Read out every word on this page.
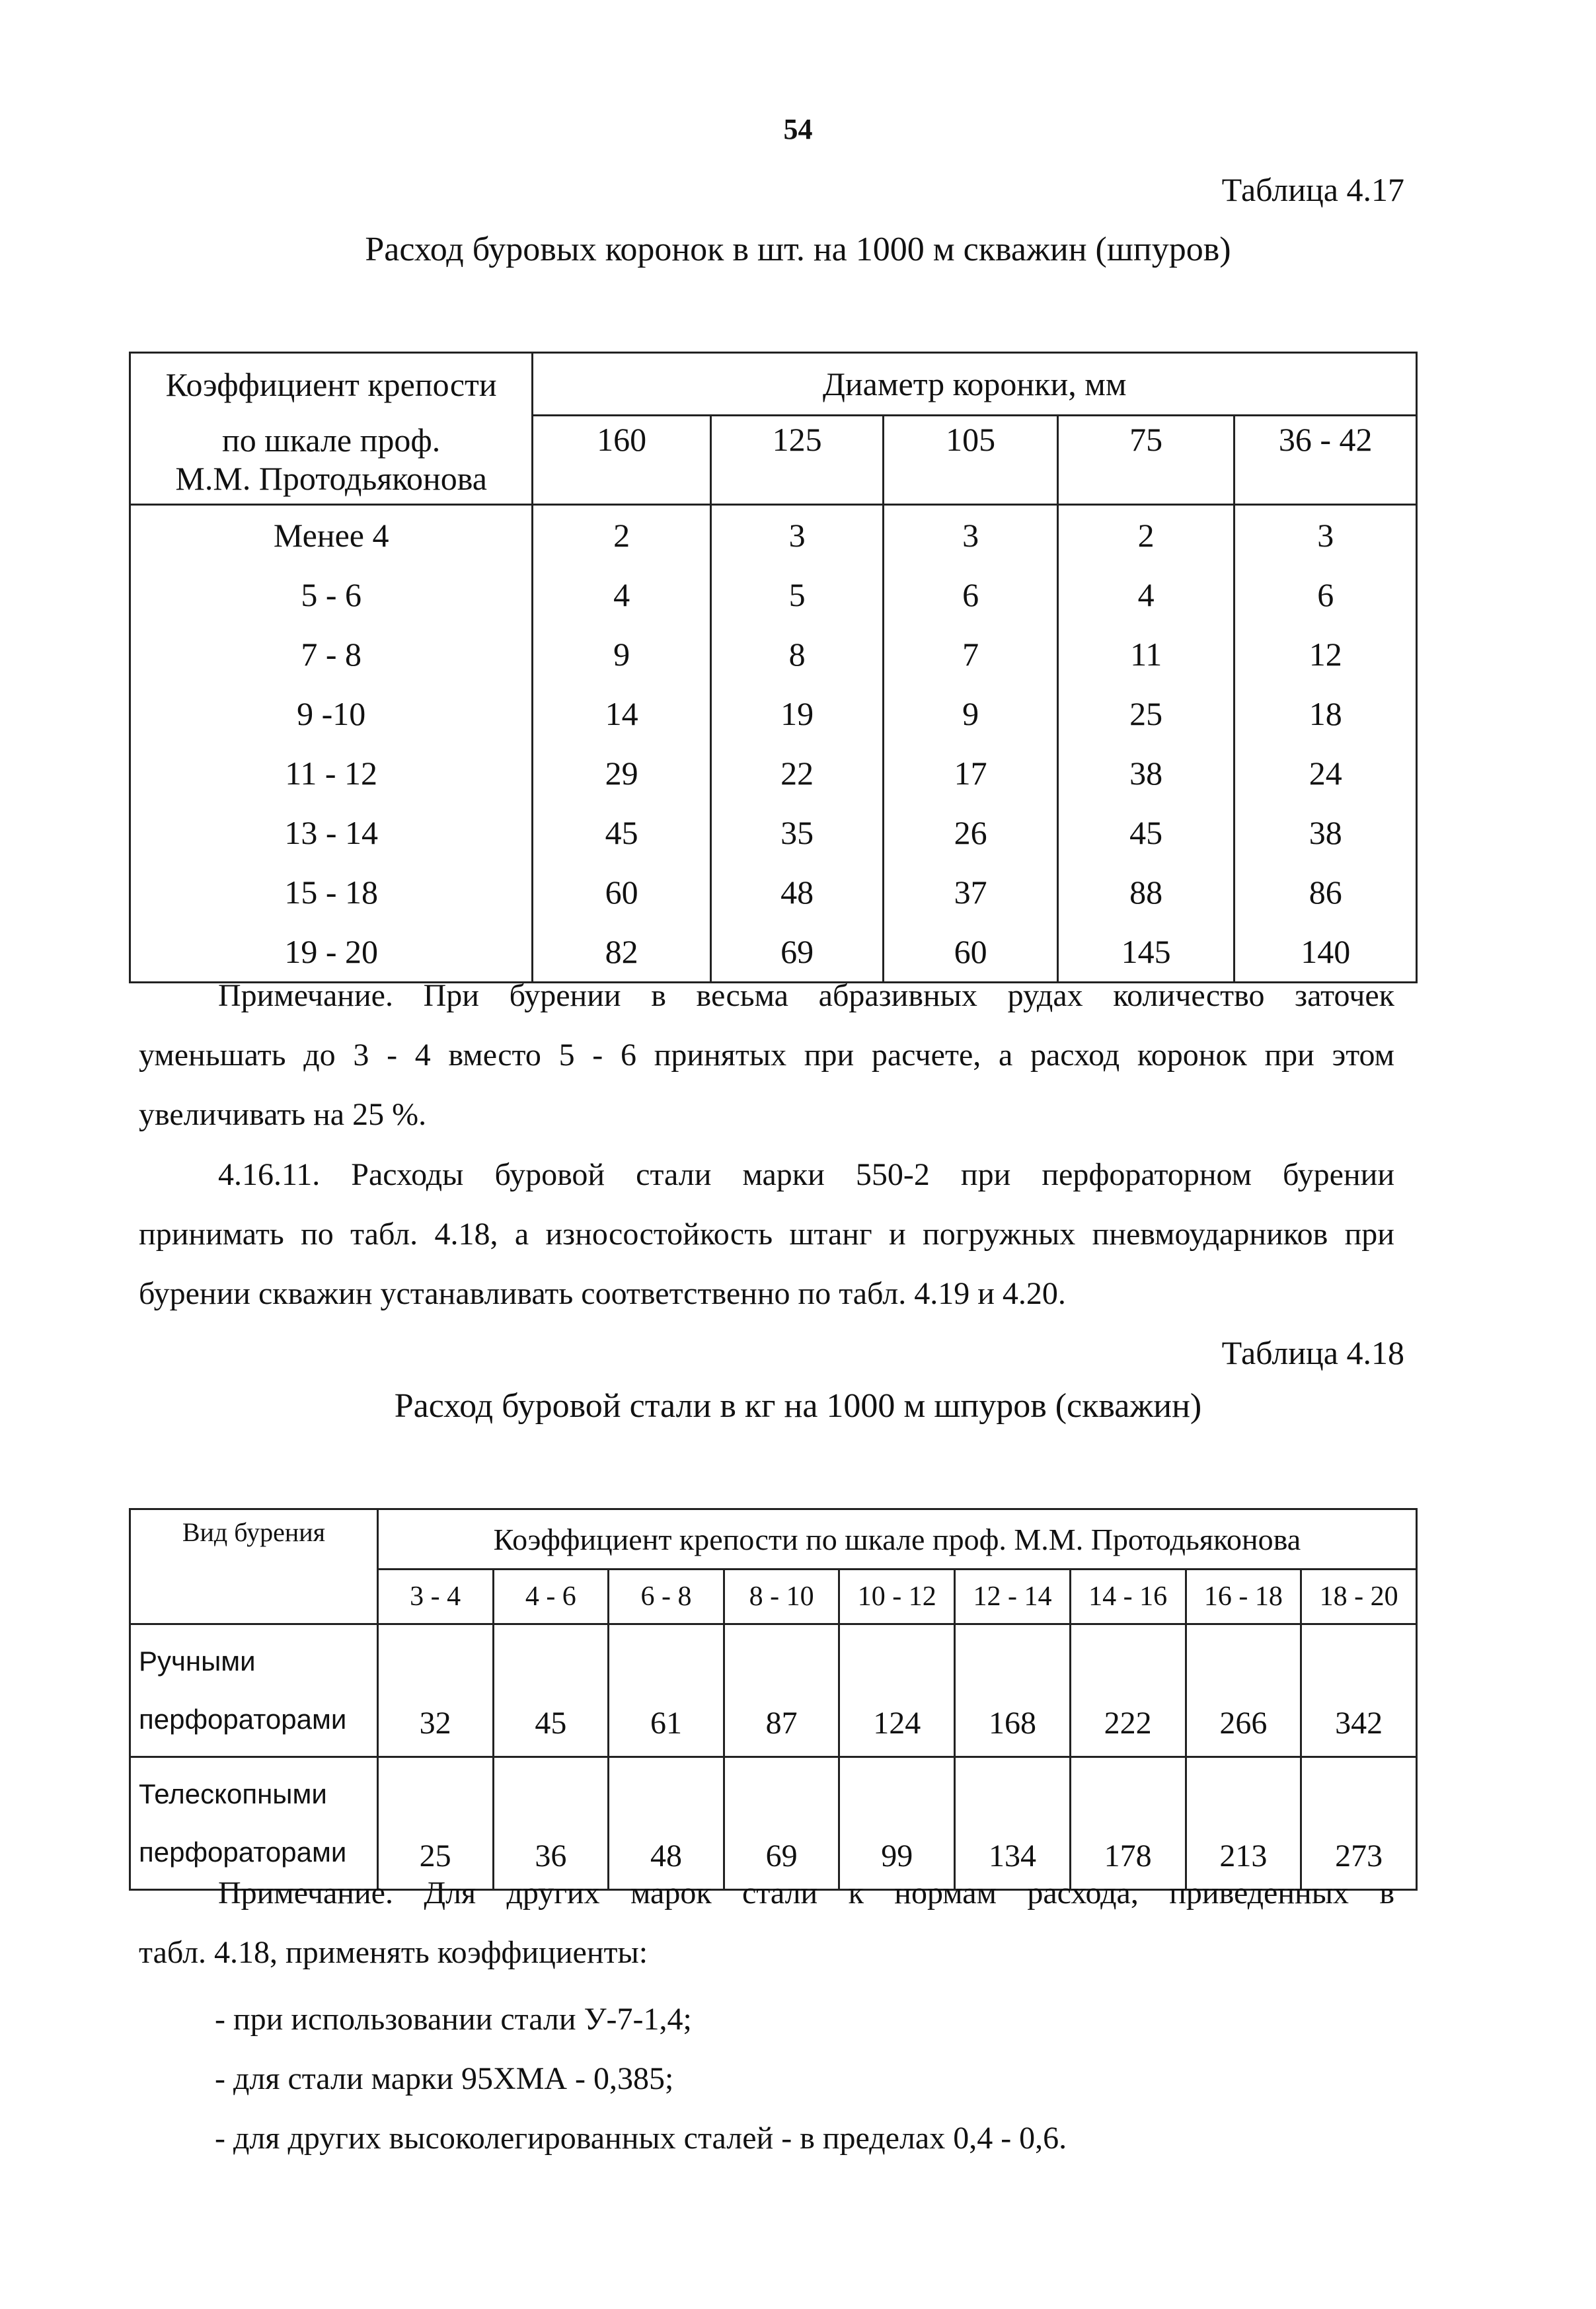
54
Таблица 4.17
Расход буровых коронок в шт. на 1000 м скважин (шпуров)
Коэффициент крепости	Диаметр коронки, мм				
по шкале проф.
М.М. Протодьяконова	160	125	105	75	36 - 42
Менее 4	2	3	3	2	3
5 - 6	4	5	6	4	6
7 - 8	9	8	7	11	12
9 -10	14	19	9	25	18
11 - 12	29	22	17	38	24
13 - 14	45	35	26	45	38
15 - 18	60	48	37	88	86
19 - 20	82	69	60	145	140
Примечание. При бурении в весьма абразивных рудах количество заточек
уменьшать до 3 - 4 вместо 5 - 6 принятых при расчете, а расход коронок при этом
увеличивать на 25 %.
4.16.11. Расходы буровой стали марки 550-2 при перфораторном бурении
принимать по табл. 4.18, а износостойкость штанг и погружных пневмоударников при
бурении скважин устанавливать соответственно по табл. 4.19 и 4.20.
Таблица 4.18
Расход буровой стали в кг на 1000 м шпуров (скважин)
Вид бурения	Коэффициент крепости по шкале проф. М.М. Протодьяконова								
	3 - 4	4 - 6	6 - 8	8 - 10	10 - 12	12 - 14	14 - 16	16 - 18	18 - 20
Ручными
перфораторами	32	45	61	87	124	168	222	266	342
Телескопными
перфораторами	25	36	48	69	99	134	178	213	273
Примечание. Для других марок стали к нормам расхода, приведенных в
табл. 4.18, применять коэффициенты:
- при использовании стали У-7-1,4;
- для стали марки 95ХМА - 0,385;
- для других высоколегированных сталей - в пределах 0,4 - 0,6.
